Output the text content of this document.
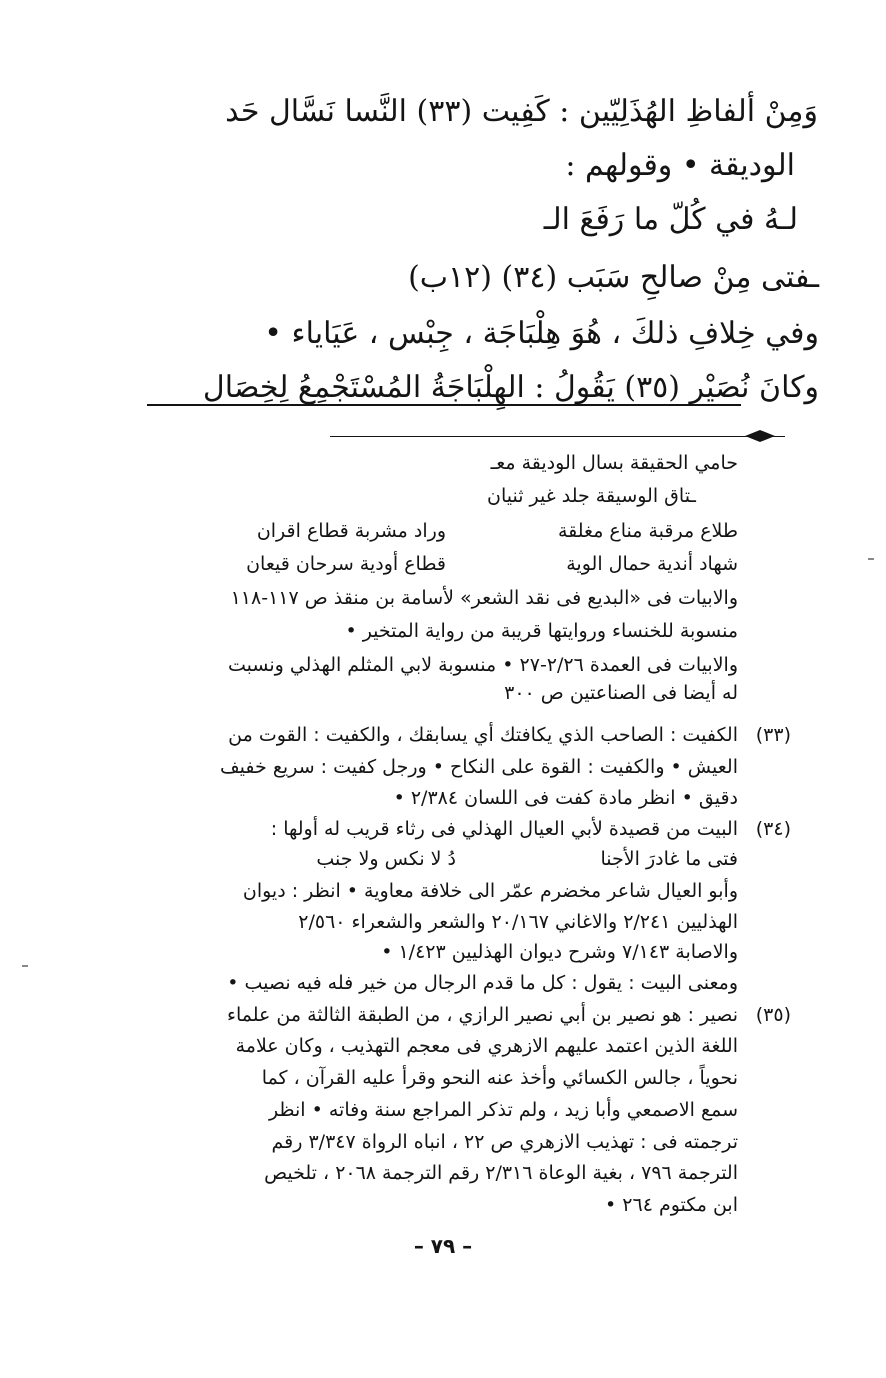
وَمِنْ ألفاظِ الهُذَلِيّين : كَفِيت (٣٣) النَّسا نَسَّال حَد
الوديقة • وقولهم :
لـهُ في كُلّ ما رَفَعَ الـ
ـفتى مِنْ صالحِ سَبَب (٣٤) (١٢ب)
وفي خِلافِ ذلكَ ، هُوَ هِلْبَاجَة ، جِبْس ، عَيَاياء •
وكانَ نُصَيْر (٣٥) يَقُولُ : الهِلْبَاجَةُ المُسْتَجْمِعُ لِخِصَال
حامي الحقيقة بسال الوديقة معـ
ـتاق الوسيقة جلد غير ثنيان
طلاع مرقبة مناع مغلقة
وراد مشربة قطاع اقران
شهاد أندية حمال الوية
قطاع أودية سرحان قيعان
والابيات فى «البديع فى نقد الشعر» لأسامة بن منقذ ص ١١٧-١١٨
منسوبة للخنساء وروايتها قريبة من رواية المتخير •
والابيات فى العمدة ٢/٢٦-٢٧ • منسوبة لابي المثلم الهذلي ونسبت
له أيضا فى الصناعتين ص ٣٠٠
(٣٣)
الكفيت : الصاحب الذي يكافتك أي يسابقك ، والكفيت : القوت من
العيش • والكفيت : القوة على النكاح • ورجل كفيت : سريع خفيف
دقيق • انظر مادة كفت فى اللسان ٢/٣٨٤ •
(٣٤)
البيت من قصيدة لأبي العيال الهذلي فى رثاء قريب له أولها :
فتى ما غادرَ الأجنا
دُ لا نكس ولا جنب
وأبو العيال شاعر مخضرم عمّر الى خلافة معاوية • انظر : ديوان
الهذليين ٢/٢٤١ والاغاني ٢٠/١٦٧ والشعر والشعراء ٢/٥٦٠
والاصابة ٧/١٤٣ وشرح ديوان الهذليين ١/٤٢٣ •
ومعنى البيت : يقول : كل ما قدم الرجال من خير فله فيه نصيب •
(٣٥)
نصير : هو نصير بن أبي نصير الرازي ، من الطبقة الثالثة من علماء
اللغة الذين اعتمد عليهم الازهري فى معجم التهذيب ، وكان علامة
نحوياً ، جالس الكسائي وأخذ عنه النحو وقرأ عليه القرآن ، كما
سمع الاصمعي وأبا زيد ، ولم تذكر المراجع سنة وفاته • انظر
ترجمته فى : تهذيب الازهري ص ٢٢ ، انباه الرواة ٣/٣٤٧ رقم
الترجمة ٧٩٦ ، بغية الوعاة ٢/٣١٦ رقم الترجمة ٢٠٦٨ ، تلخيص
ابن مكتوم ٢٦٤ •
– ٧٩ –
